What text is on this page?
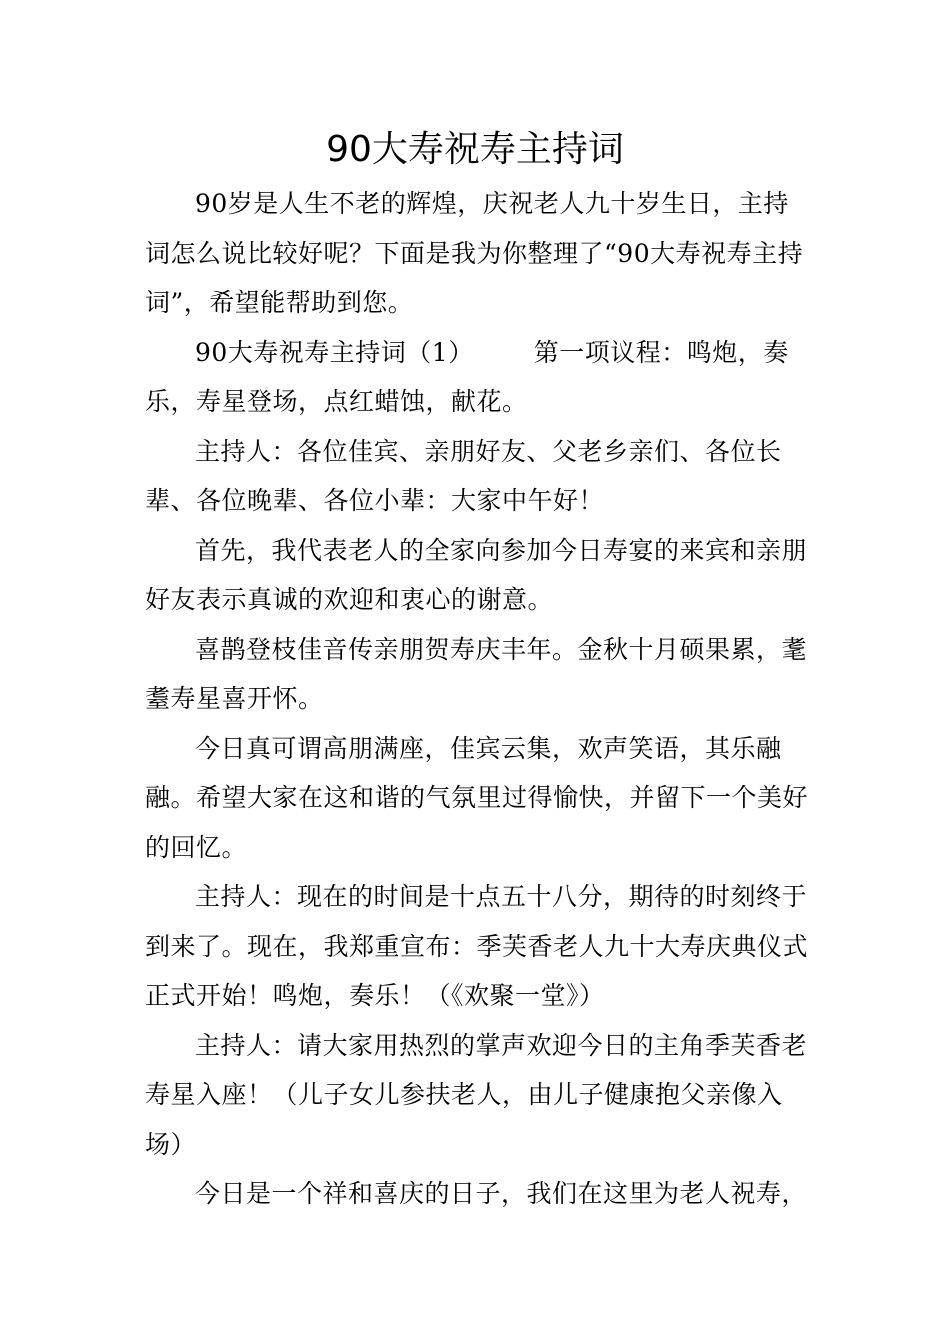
90大寿祝寿主持词

90岁是人生不老的辉煌，庆祝老人九十岁生日，主持词怎么说比较好呢？下面是我为你整理了“90大寿祝寿主持词”，希望能帮助到您。

90大寿祝寿主持词（1） 第一项议程：鸣炮，奏乐，寿星登场，点红蜡蚀，献花。

主持人：各位佳宾、亲朋好友、父老乡亲们、各位长辈、各位晚辈、各位小辈：大家中午好！

首先，我代表老人的全家向参加今日寿宴的来宾和亲朋好友表示真诚的欢迎和衷心的谢意。

喜鹊登枝佳音传亲朋贺寿庆丰年。金秋十月硕果累，耄耋寿星喜开怀。

今日真可谓高朋满座，佳宾云集，欢声笑语，其乐融融。希望大家在这和谐的气氛里过得愉快，并留下一个美好的回忆。

主持人：现在的时间是十点五十八分，期待的时刻终于到来了。现在，我郑重宣布：季芙香老人九十大寿庆典仪式正式开始！鸣炮，奏乐！（《欢聚一堂》）

主持人：请大家用热烈的掌声欢迎今日的主角季芙香老寿星入座！（儿子女儿参扶老人，由儿子健康抱父亲像入场）

今日是一个祥和喜庆的日子，我们在这里为老人祝寿，
